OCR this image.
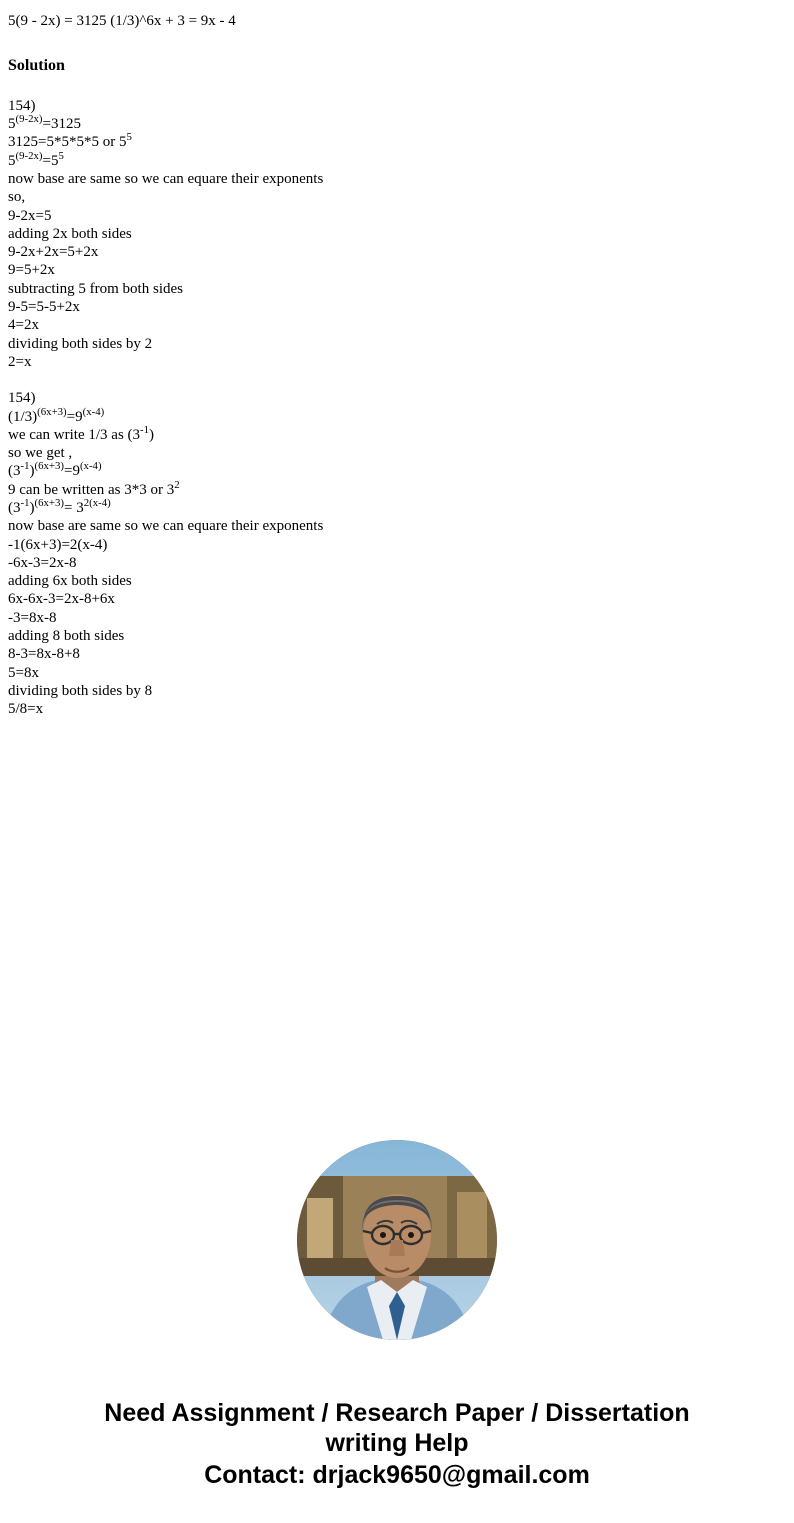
5(9 - 2x) = 3125 (1/3)^6x + 3 = 9x - 4
Solution
154)
$5^{(9-2x)}=3125$
3125=5*5*5*5 or $5^5$
$5^{(9-2x)}=5^5$
now base are same so we can equare their exponents
so,
9-2x=5
adding 2x both sides
9-2x+2x=5+2x
9=5+2x
subtracting 5 from both sides
9-5=5-5+2x
4=2x
dividing both sides by 2
2=x
154)
$(1/3)^{(6x+3)}=9^{(x-4)}$
we can write 1/3 as $(3^{-1})$
so we get ,
$(3^{-1})^{(6x+3)}=9^{(x-4)}$
9 can be written as 3*3 or $3^2$
$(3^{-1})^{(6x+3)}= 3^{2(x-4)}$
now base are same so we can equare their exponents
-1(6x+3)=2(x-4)
-6x-3=2x-8
adding 6x both sides
6x-6x-3=2x-8+6x
-3=8x-8
adding 8 both sides
8-3=8x-8+8
5=8x
dividing both sides by 8
5/8=x
Need Assignment / Research Paper / Dissertation
writing Help
Contact: drjack9650@gmail.com
